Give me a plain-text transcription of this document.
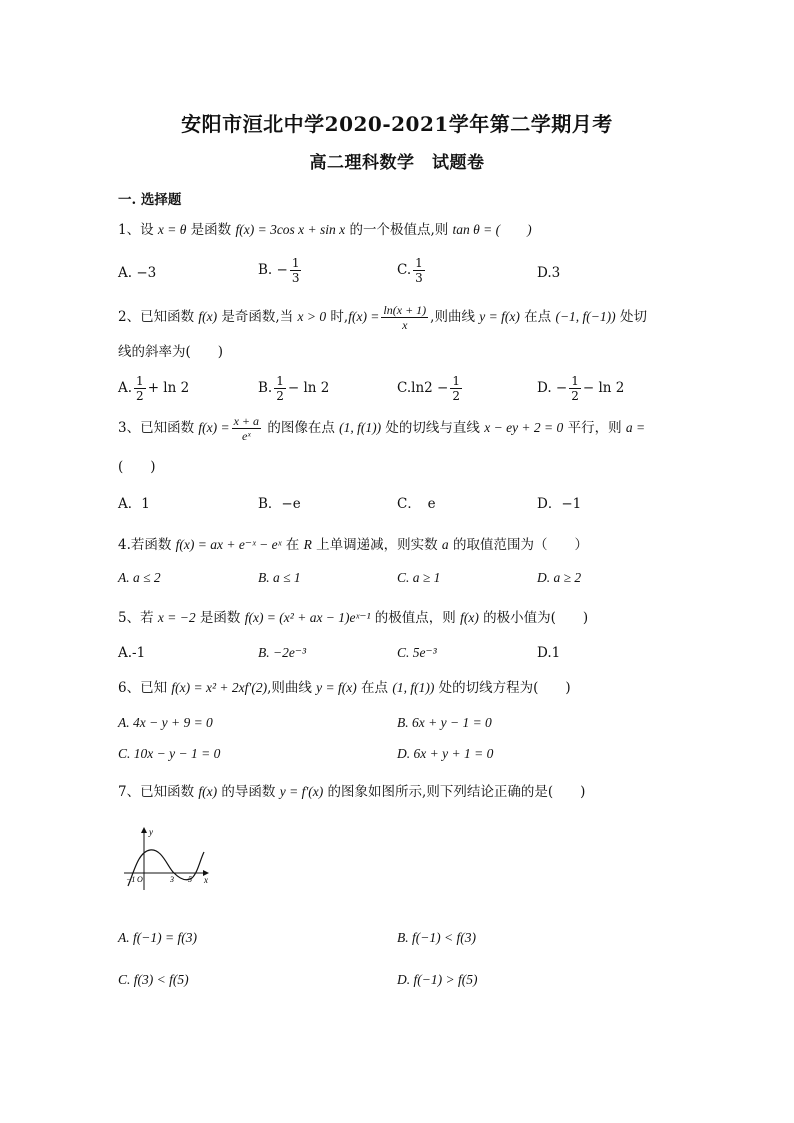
安阳市洹北中学2020-2021学年第二学期月考
高二理科数学　试题卷
一. 选择题
1、设 x = θ 是函数 f(x) = 3cos x + sin x 的一个极值点,则 tan θ = (　　)
A. −3	B. − $\frac{1}{3}$	C. $\frac{1}{3}$	D.3
2、已知函数 f(x) 是奇函数,当 x > 0 时$,f(x) = \frac{\ln(x + 1)}{x}$ ,则曲线 y = f(x) 在点 (−1, f(−1)) 处切
线的斜率为(　　)
A. $\frac{1}{2} + \ln 2$	B. $\frac{1}{2} - \ln 2$	$C.\ln 2 - \frac{1}{2}$	D. − $\frac{1}{2} - \ln 2$
3、已知函数 $f(x) = \frac{x + a}{\text{eˣ}}$ 的图像在点 (1, f(1)) 处的切线与直线 x − ey + 2 = 0 平行，则 a =
(　　)
A．1	B．−e	C．　e	D．−1
4.若函数 f(x) = ax + e⁻ˣ − eˣ 在 R 上单调递减，则实数 a 的取值范围为（　　）
A. a ≤ 2	B. a ≤ 1	C. a ≥ 1	D. a ≥ 2
5、若 x = −2 是函数 f(x) = (x² + ax − 1)eˣ⁻¹ 的极值点，则 f(x) 的极小值为(　　)
A.-1	B. −2e⁻³	C. 5e⁻³	D.1
6、已知 f(x) = x² + 2xf′(2),则曲线 y = f(x) 在点 (1, f(1)) 处的切线方程为(　　)
A. 4x − y + 9 = 0	B. 6x + y − 1 = 0
C. 10x − y − 1 = 0	D. 6x + y + 1 = 0
7、已知函数 f(x) 的导函数 y = f′(x) 的图象如图所示,则下列结论正确的是(　　)
y
x
−1 O	3 5
A. f(−1) = f(3)	B. f(−1) < f(3)
C. f(3) < f(5)	D. f(−1) > f(5)
